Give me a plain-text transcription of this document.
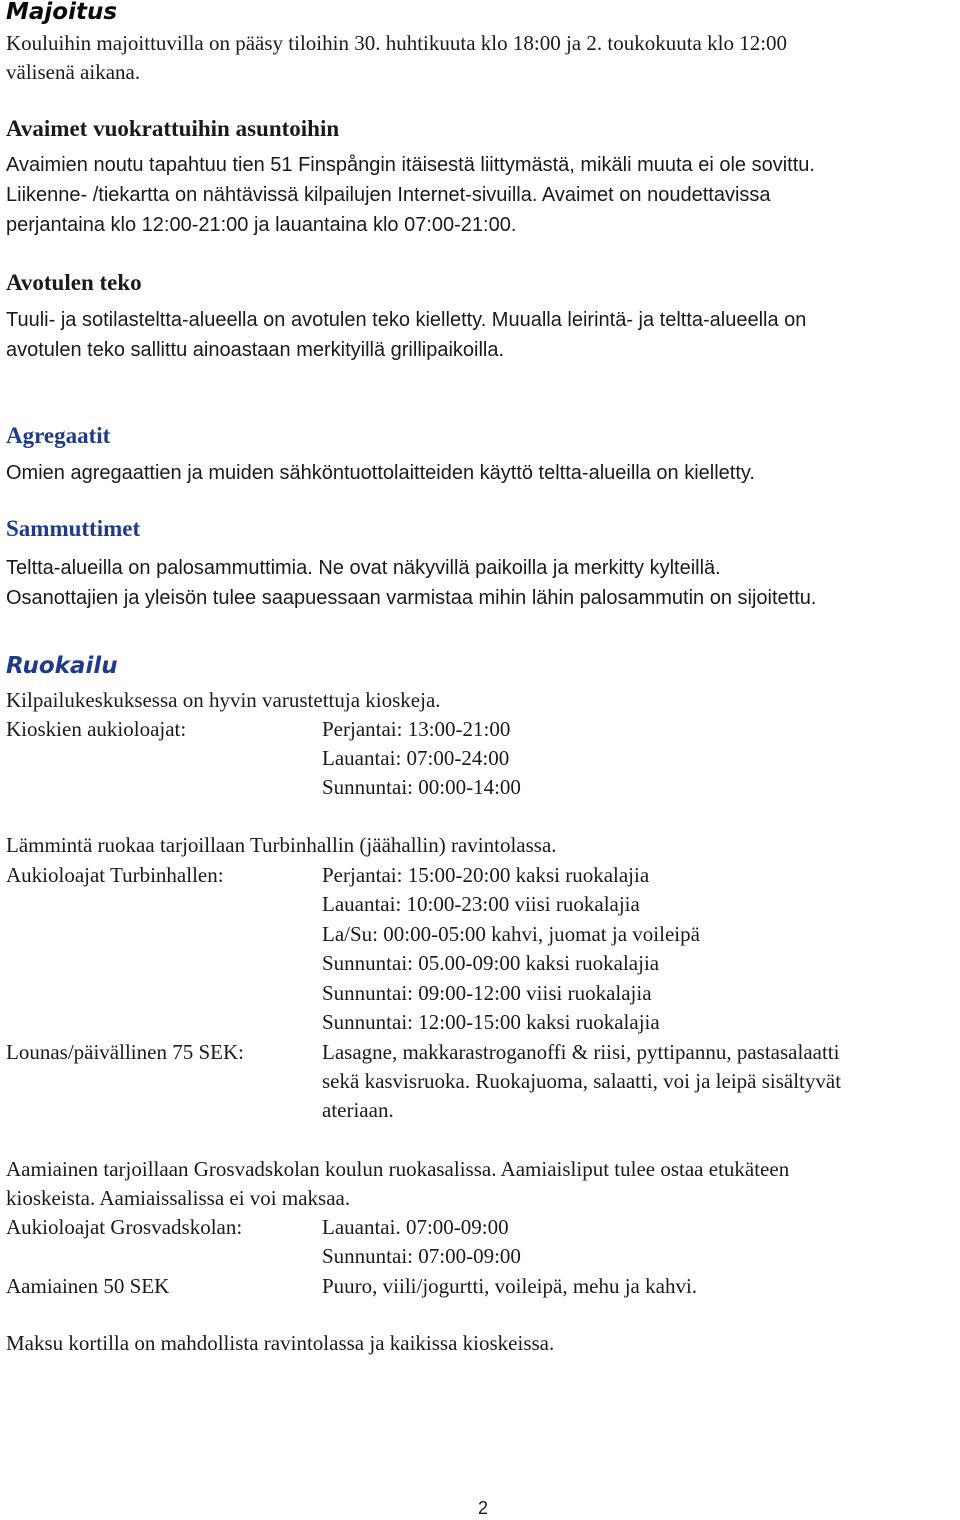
Majoitus
Kouluihin majoittuvilla on pääsy tiloihin 30. huhtikuuta klo 18:00 ja 2. toukokuuta klo 12:00
välisenä aikana.
Avaimet vuokrattuihin asuntoihin
Avaimien noutu tapahtuu tien 51 Finspångin itäisestä liittymästä, mikäli muuta ei ole sovittu.
Liikenne- /tiekartta on nähtävissä kilpailujen Internet-sivuilla. Avaimet on noudettavissa
perjantaina klo 12:00-21:00 ja lauantaina klo 07:00-21:00.
Avotulen teko
Tuuli- ja sotilasteltta-alueella on avotulen teko kielletty. Muualla leirintä- ja teltta-alueella on
avotulen teko sallittu ainoastaan merkityillä grillipaikoilla.
Agregaatit
Omien agregaattien ja muiden sähköntuottolaitteiden käyttö teltta-alueilla on kielletty.
Sammuttimet
Teltta-alueilla on palosammuttimia. Ne ovat näkyvillä paikoilla ja merkitty kylteillä.
Osanottajien ja yleisön tulee saapuessaan varmistaa mihin lähin palosammutin on sijoitettu.
Ruokailu
Kilpailukeskuksessa on hyvin varustettuja kioskeja.
Kioskien aukioloajat:	Perjantai: 13:00-21:00
Lauantai: 07:00-24:00
Sunnuntai: 00:00-14:00
Lämmintä ruokaa tarjoillaan Turbinhallin (jäähallin) ravintolassa.
Aukioloajat Turbinhallen:	Perjantai: 15:00-20:00 kaksi ruokalajia
Lauantai: 10:00-23:00 viisi ruokalajia
La/Su: 00:00-05:00 kahvi, juomat ja voileipä
Sunnuntai: 05.00-09:00 kaksi ruokalajia
Sunnuntai: 09:00-12:00 viisi ruokalajia
Sunnuntai: 12:00-15:00 kaksi ruokalajia
Lounas/päivällinen 75 SEK:	Lasagne, makkarastroganoffi & riisi, pyttipannu, pastasalaatti
sekä kasvisruoka. Ruokajuoma, salaatti, voi ja leipä sisältyvät
ateriaan.
Aamiainen tarjoillaan Grosvadskolan koulun ruokasalissa. Aamiaisliput tulee ostaa etukäteen
kioskeista. Aamiaissalissa ei voi maksaa.
Aukioloajat Grosvadskolan:	Lauantai. 07:00-09:00
Sunnuntai: 07:00-09:00
Aamiainen 50 SEK	Puuro, viili/jogurtti, voileipä, mehu ja kahvi.
Maksu kortilla on mahdollista ravintolassa ja kaikissa kioskeissa.
2
